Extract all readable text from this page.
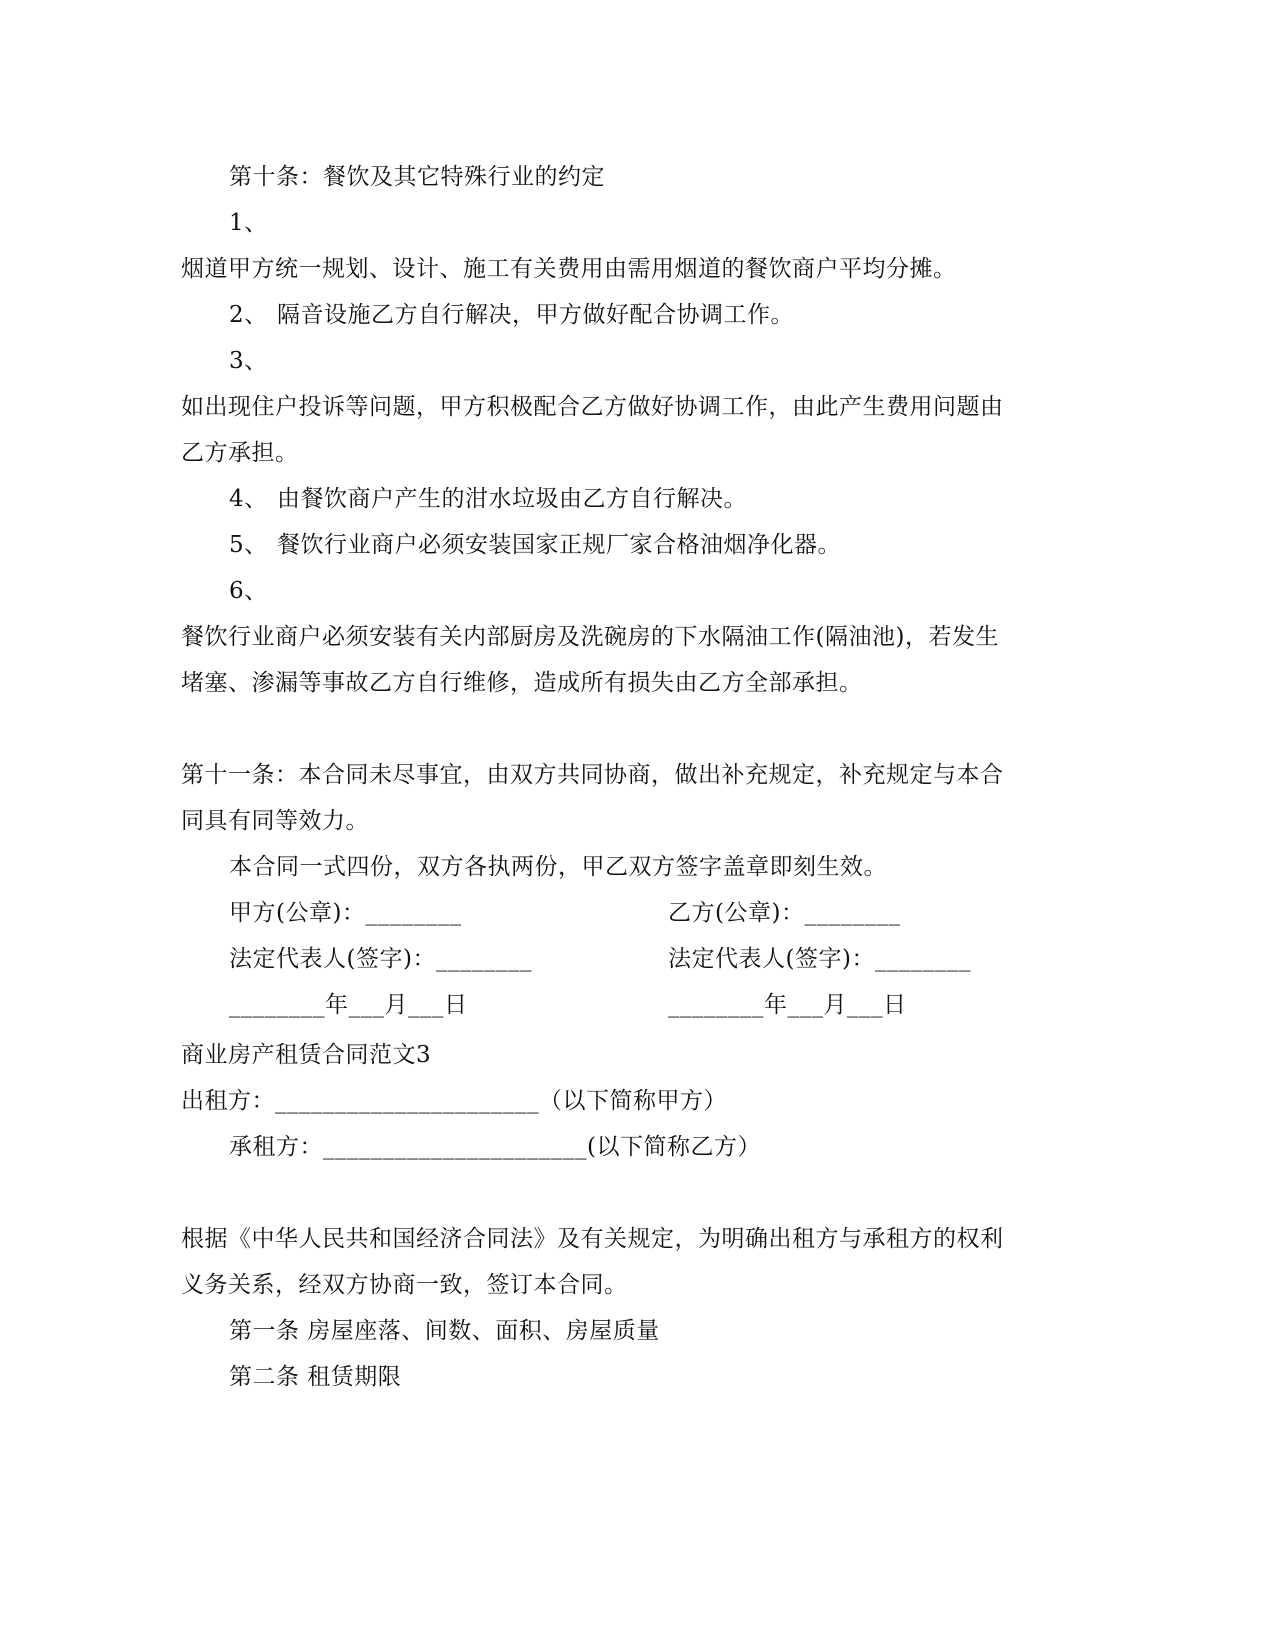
第十条：餐饮及其它特殊行业的约定
1、
烟道甲方统一规划、设计、施工有关费用由需用烟道的餐饮商户平均分摊。
2、 隔音设施乙方自行解决，甲方做好配合协调工作。
3、
如出现住户投诉等问题，甲方积极配合乙方做好协调工作，由此产生费用问题由
乙方承担。
4、 由餐饮商户产生的泔水垃圾由乙方自行解决。
5、 餐饮行业商户必须安装国家正规厂家合格油烟净化器。
6、
餐饮行业商户必须安装有关内部厨房及洗碗房的下水隔油工作(隔油池)，若发生
堵塞、渗漏等事故乙方自行维修，造成所有损失由乙方全部承担。
第十一条：本合同未尽事宜，由双方共同协商，做出补充规定，补充规定与本合
同具有同等效力。
本合同一式四份，双方各执两份，甲乙双方签字盖章即刻生效。
甲方(公章)：________	乙方(公章)：________
法定代表人(签字)：________	法定代表人(签字)：________
________年___月___日	________年___月___日
商业房产租赁合同范文3
出租方：______________________（以下简称甲方）
承租方：______________________(以下简称乙方）
根据《中华人民共和国经济合同法》及有关规定，为明确出租方与承租方的权利
义务关系，经双方协商一致，签订本合同。
第一条 房屋座落、间数、面积、房屋质量
第二条 租赁期限
